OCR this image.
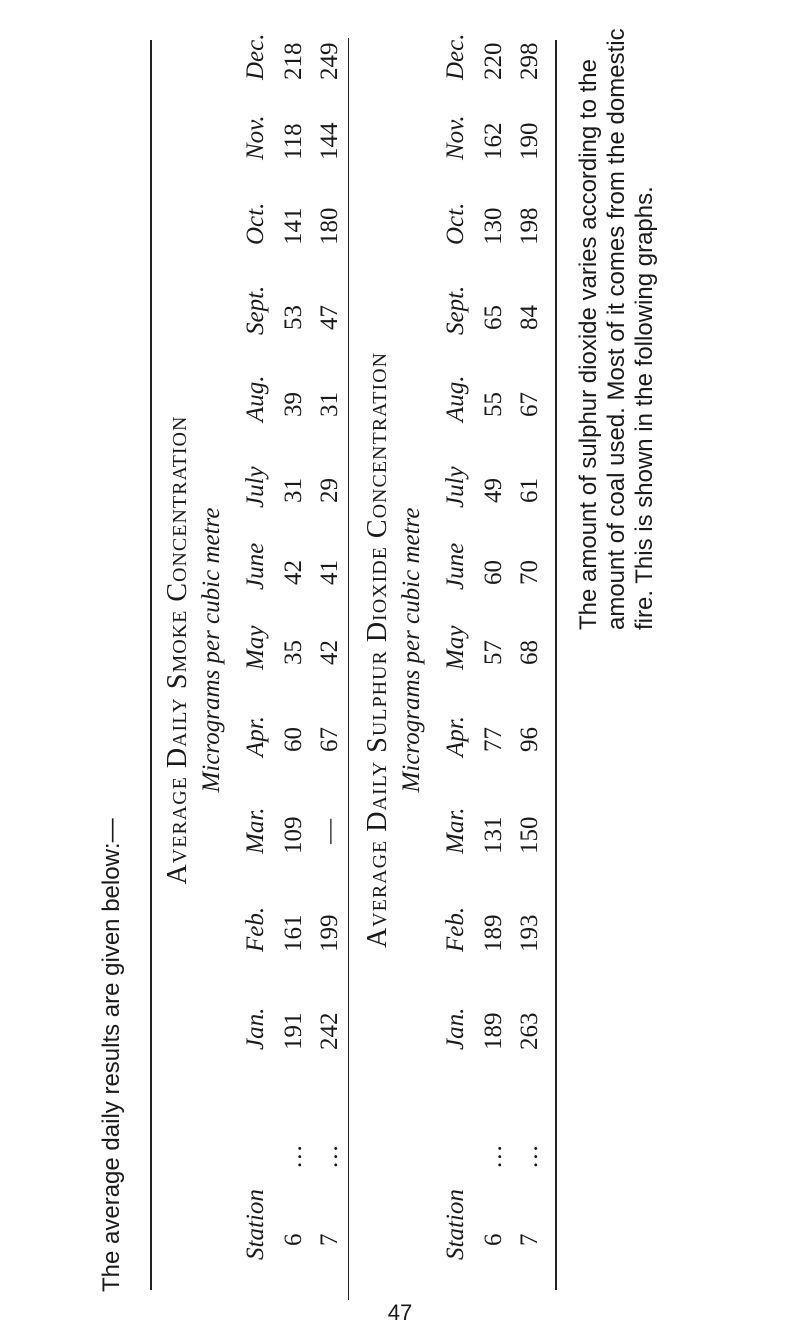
The average daily results are given below:—
Average Daily Smoke Concentration Micrograms per cubic metre
Station
Jan.
Feb.
Mar.
Apr.
May
June
July
Aug.
Sept.
Oct.
Nov.
Dec.
6
...
191
161
109
60
35
42
31
39
53
141
118
218
7
...
242
199
—
67
42
41
29
31
47
180
144
249
Average Daily Sulphur Dioxide Concentration Micrograms per cubic metre
Station
Jan.
Feb.
Mar.
Apr.
May
June
July
Aug.
Sept.
Oct.
Nov.
Dec.
6
...
189
189
131
77
57
60
49
55
65
130
162
220
7
...
263
193
150
96
68
70
61
67
84
198
190
298 The amount of sulphur dioxide varies according to the amount of coal used. Most of it comes from the domestic fire. This is shown in the following graphs.
47
